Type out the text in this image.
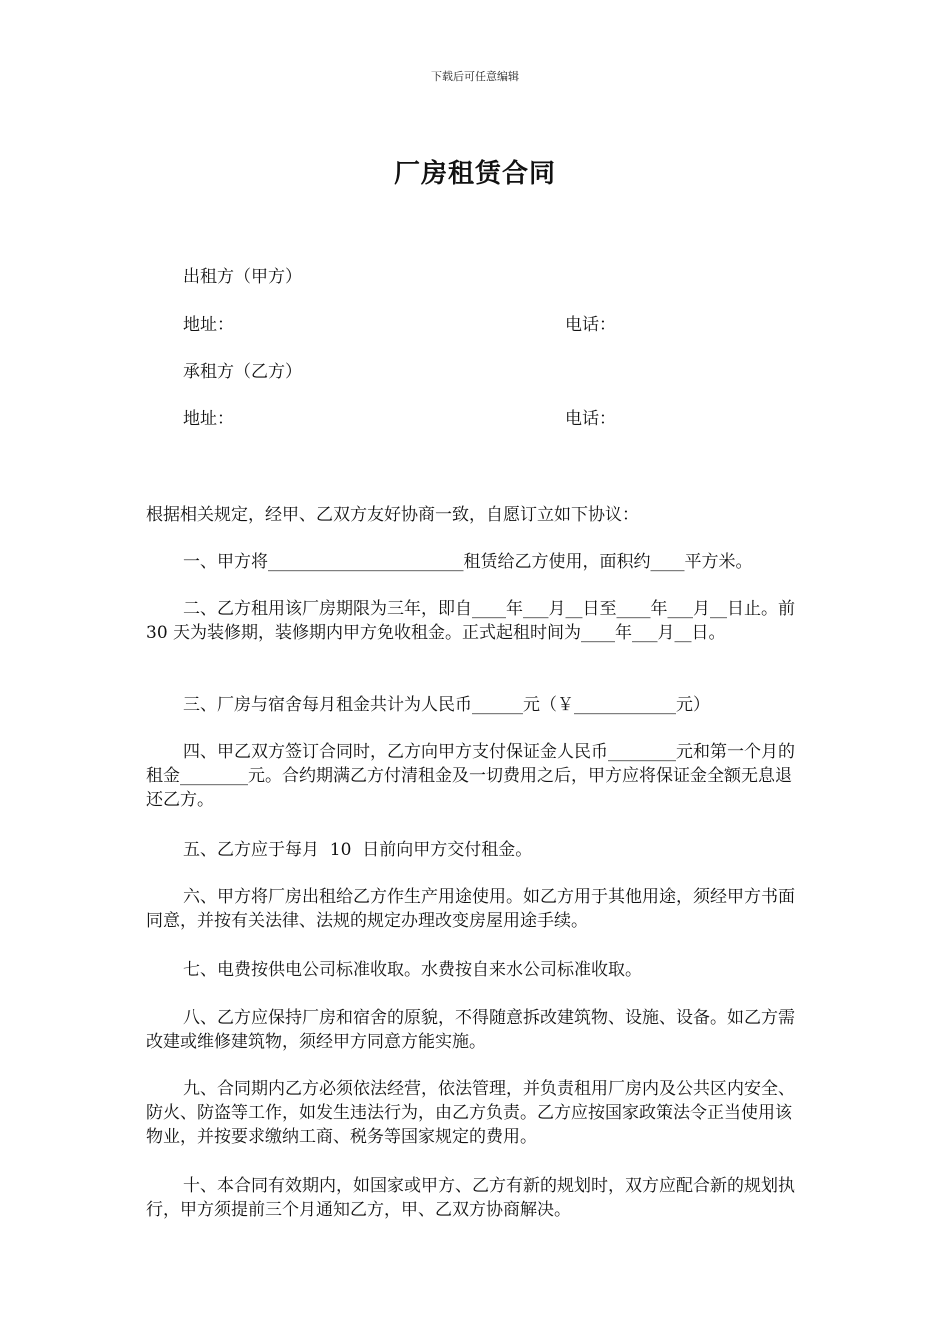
下载后可任意编辑
厂房租赁合同
出租方（甲方）
地址：	电话：
承租方（乙方）
地址：	电话：
根据相关规定，经甲、乙双方友好协商一致，自愿订立如下协议：
一、甲方将_______________________租赁给乙方使用，面积约____平方米。
二、乙方租用该厂房期限为三年，即自____年___月__日至____年___月__日止。前 30 天为装修期，装修期内甲方免收租金。正式起租时间为____年___月__日。
三、厂房与宿舍每月租金共计为人民币______元（￥____________元）
四、甲乙双方签订合同时，乙方向甲方支付保证金人民币________元和第一个月的租金________元。合约期满乙方付清租金及一切费用之后，甲方应将保证金全额无息退还乙方。
五、乙方应于每月  10  日前向甲方交付租金。
六、甲方将厂房出租给乙方作生产用途使用。如乙方用于其他用途，须经甲方书面同意，并按有关法律、法规的规定办理改变房屋用途手续。
七、电费按供电公司标准收取。水费按自来水公司标准收取。
八、乙方应保持厂房和宿舍的原貌，不得随意拆改建筑物、设施、设备。如乙方需改建或维修建筑物，须经甲方同意方能实施。
九、合同期内乙方必须依法经营，依法管理，并负责租用厂房内及公共区内安全、防火、防盗等工作，如发生违法行为，由乙方负责。乙方应按国家政策法令正当使用该物业，并按要求缴纳工商、税务等国家规定的费用。
十、本合同有效期内，如国家或甲方、乙方有新的规划时，双方应配合新的规划执行，甲方须提前三个月通知乙方，甲、乙双方协商解决。
